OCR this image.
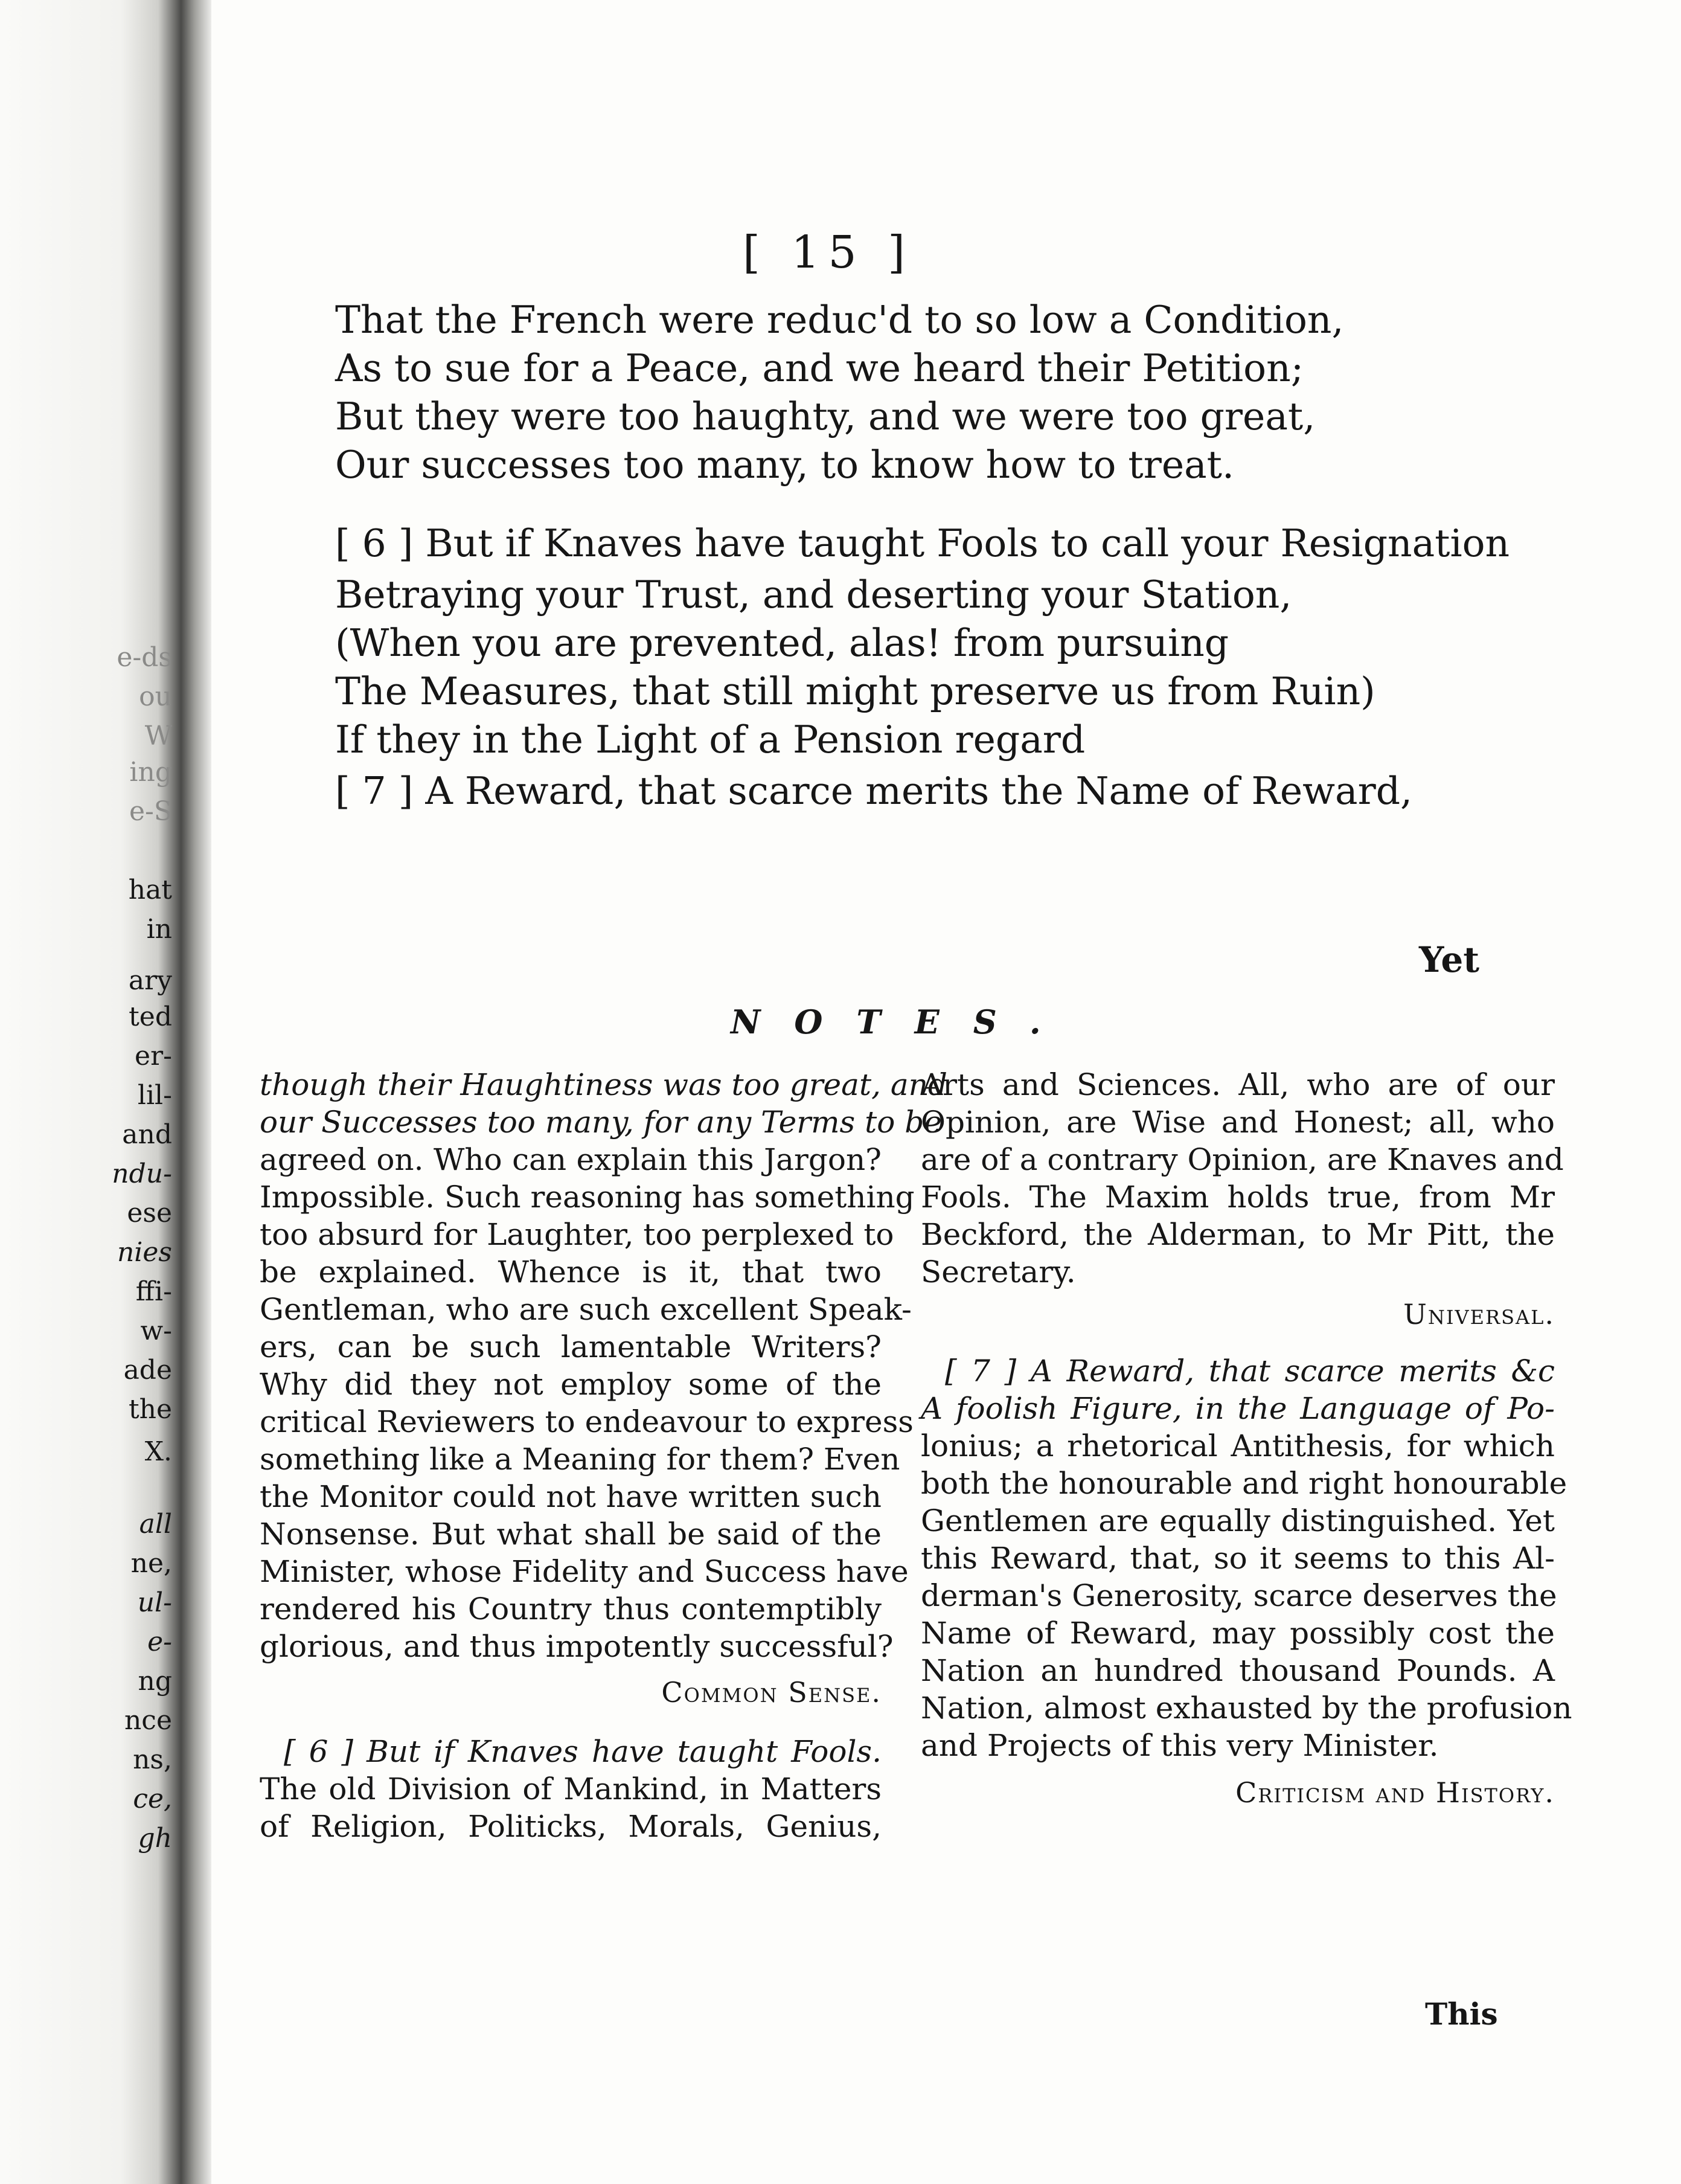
e-ds
ou
W
ing
e-S
hat
in
ary
ted
er-
lil-
and
ndu-
ese
nies
ffi-
w-
ade
the
X.
all
ne,
ul-
e-
ng
nce
ns,
ce,
gh
[ 15 ]
That the French were reduc'd to so low a Condition,
As to sue for a Peace, and we heard their Petition;
But they were too haughty, and we were too great,
Our successes too many, to know how to treat.
[ 6 ] But if Knaves have taught Fools to call your Resignation
Betraying your Trust, and deserting your Station,
(When you are prevented, alas! from pursuing
The Measures, that still might preserve us from Ruin)
If they in the Light of a Pension regard
[ 7 ] A Reward, that scarce merits the Name of Reward,
Yet
NOTES.
though their Haughtiness was too great, and
our Successes too many, for any Terms to be
agreed on. Who can explain this Jargon?
Impossible. Such reasoning has something
too absurd for Laughter, too perplexed to
be explained. Whence is it, that two
Gentleman, who are such excellent Speak-
ers, can be such lamentable Writers?
Why did they not employ some of the
critical Reviewers to endeavour to express
something like a Meaning for them? Even
the Monitor could not have written such
Nonsense. But what shall be said of the
Minister, whose Fidelity and Success have
rendered his Country thus contemptibly
glorious, and thus impotently successful?
Common Sense.
[ 6 ] But if Knaves have taught Fools.
The old Division of Mankind, in Matters
of Religion, Politicks, Morals, Genius,
Arts and Sciences. All, who are of our
Opinion, are Wise and Honest; all, who
are of a contrary Opinion, are Knaves and
Fools. The Maxim holds true, from Mr
Beckford, the Alderman, to Mr Pitt, the
Secretary.
Universal.
[ 7 ] A Reward, that scarce merits &c
A foolish Figure, in the Language of Po-
lonius; a rhetorical Antithesis, for which
both the honourable and right honourable
Gentlemen are equally distinguished. Yet
this Reward, that, so it seems to this Al-
derman's Generosity, scarce deserves the
Name of Reward, may possibly cost the
Nation an hundred thousand Pounds. A
Nation, almost exhausted by the profusion
and Projects of this very Minister.
Criticism and History.
This
